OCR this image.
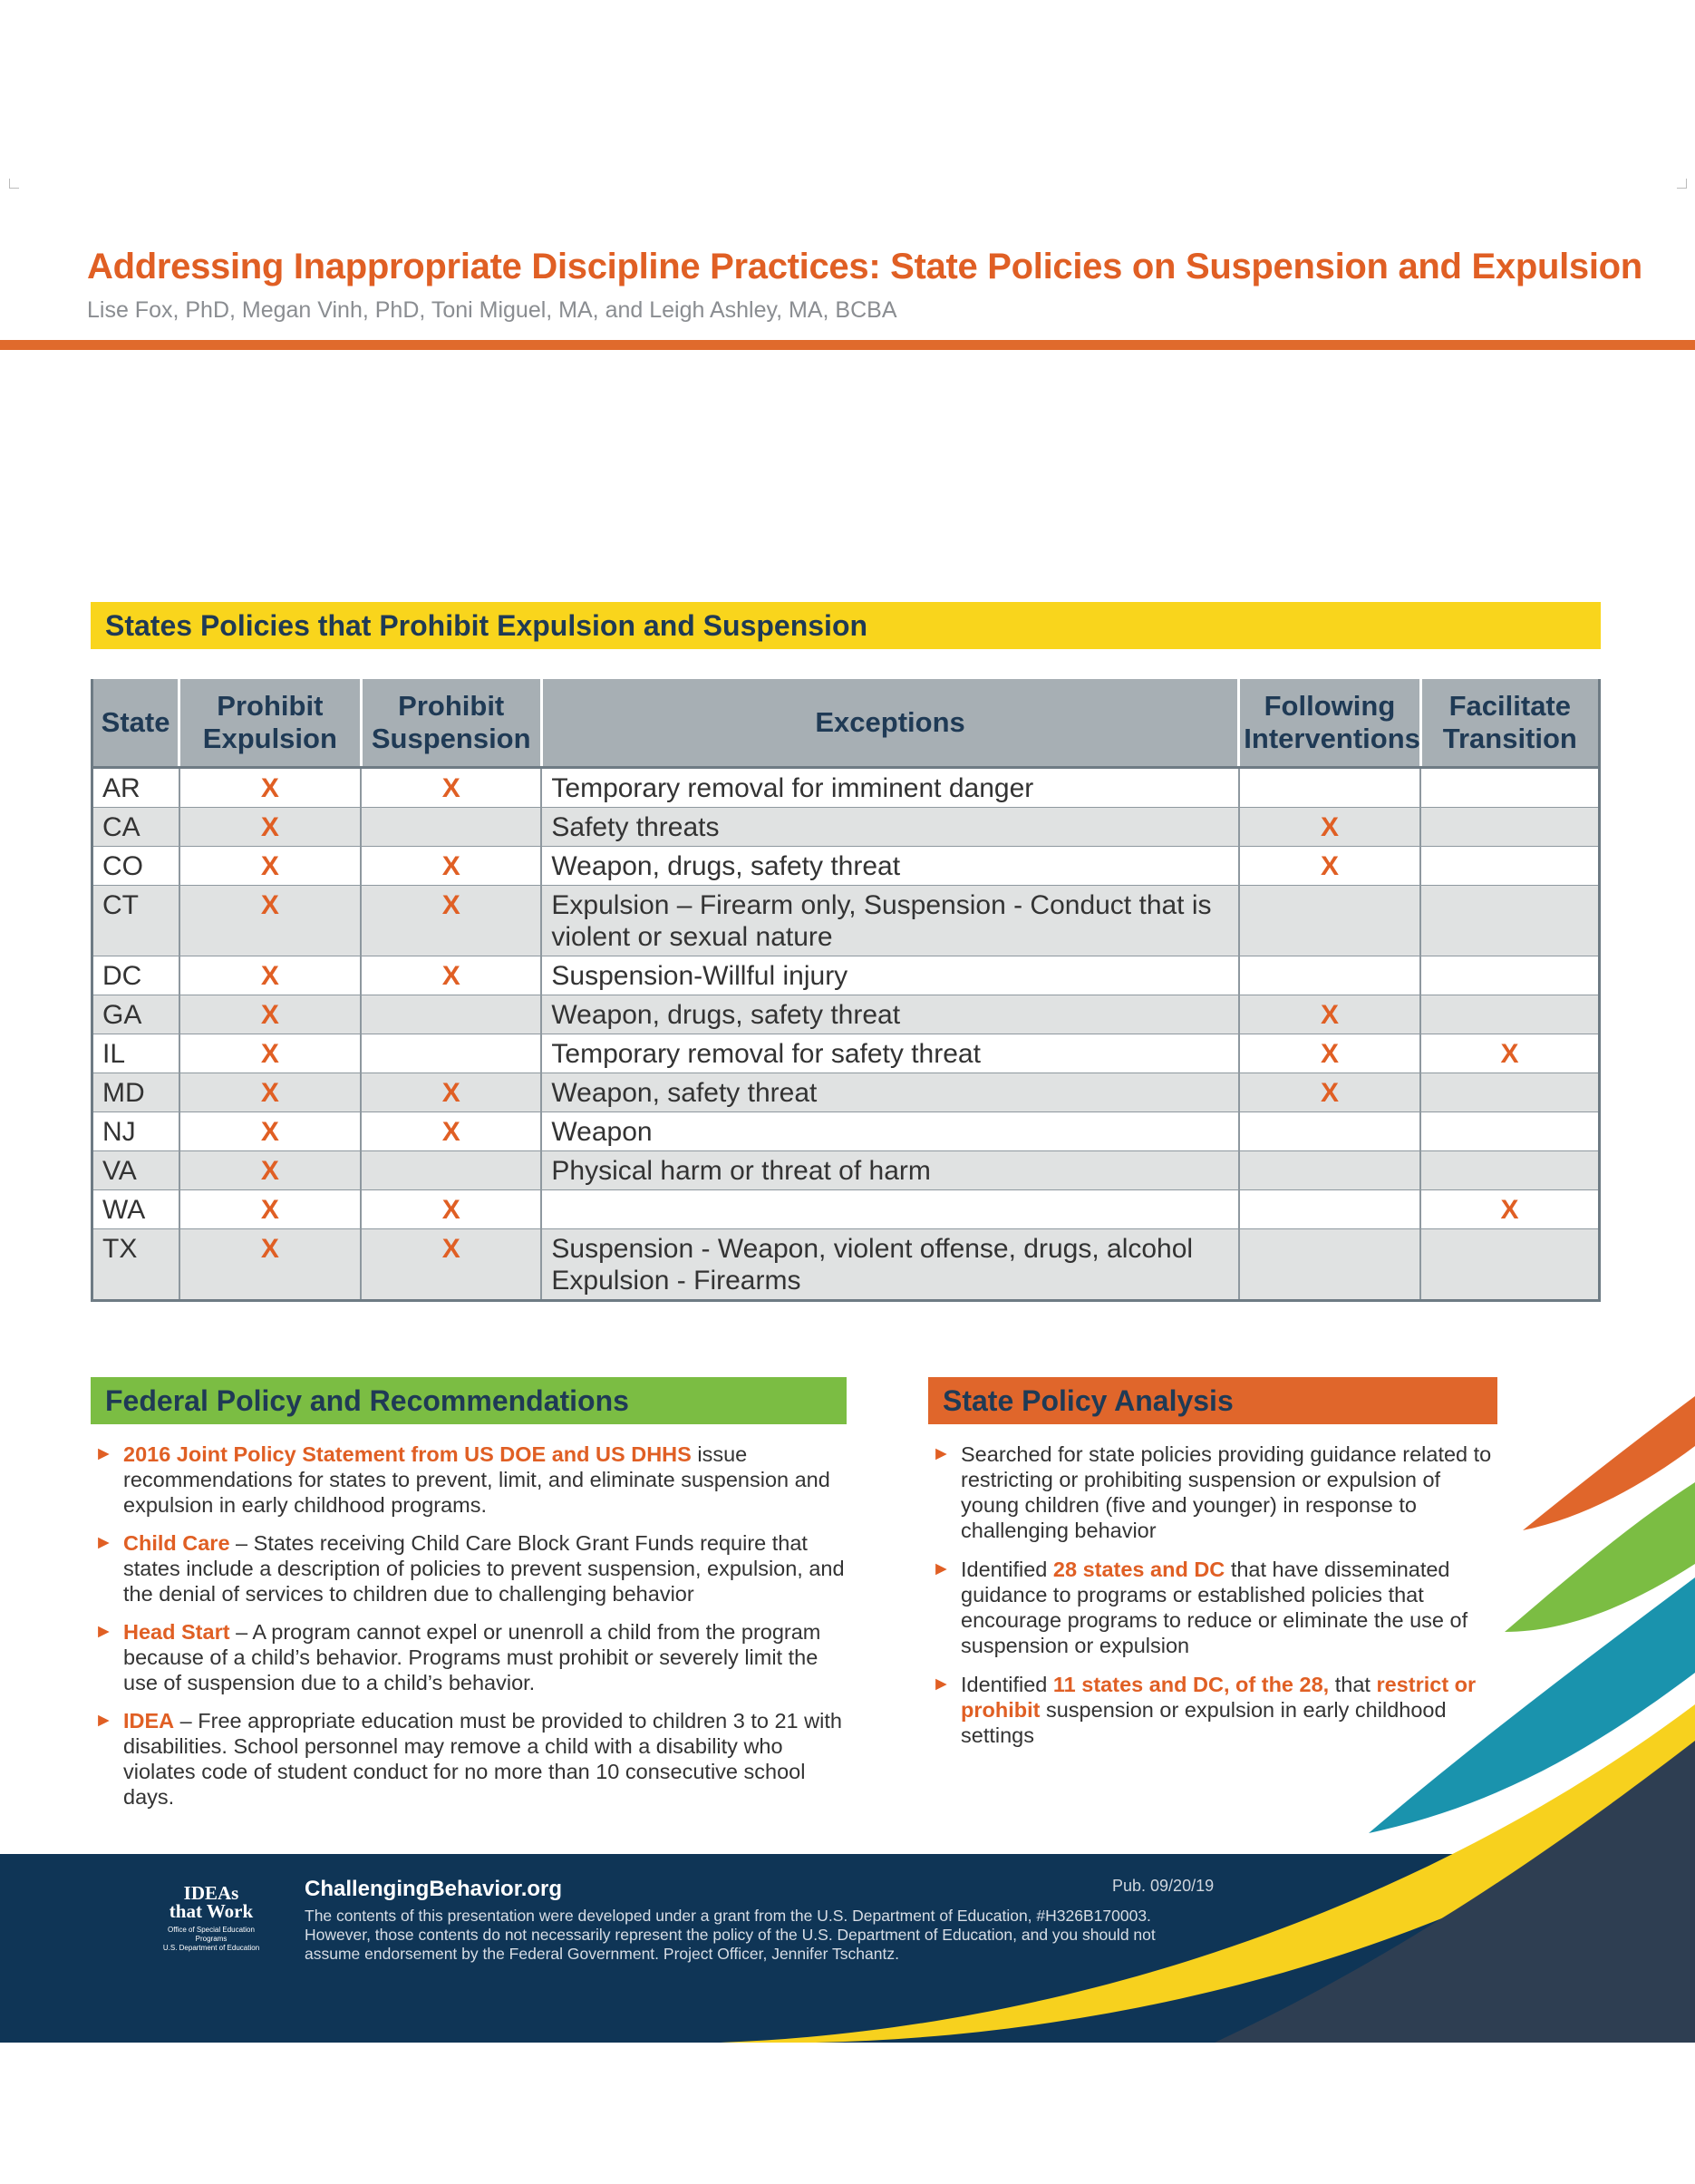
Addressing Inappropriate Discipline Practices: State Policies on Suspension and Expulsion
Lise Fox, PhD, Megan Vinh, PhD, Toni Miguel, MA, and Leigh Ashley, MA, BCBA
States Policies that Prohibit Expulsion and Suspension
State	Prohibit Expulsion	Prohibit Suspension	Exceptions	Following Interventions	Facilitate Transition
AR	X	X	Temporary removal for imminent danger		
CA	X		Safety threats	X	
CO	X	X	Weapon, drugs, safety threat	X	
CT	X	X	Expulsion – Firearm only, Suspension - Conduct that is violent or sexual nature		
DC	X	X	Suspension-Willful injury		
GA	X		Weapon, drugs, safety threat	X	
IL	X		Temporary removal for safety threat	X	X
MD	X	X	Weapon, safety threat	X	
NJ	X	X	Weapon		
VA	X		Physical harm or threat of harm		
WA	X	X			X
TX	X	X	Suspension - Weapon, violent offense, drugs, alcohol Expulsion - Firearms		
Federal Policy and Recommendations
► 2016 Joint Policy Statement from US DOE and US DHHS issue recommendations for states to prevent, limit, and eliminate suspension and expulsion in early childhood programs.
► Child Care – States receiving Child Care Block Grant Funds require that states include a description of policies to prevent suspension, expulsion, and the denial of services to children due to challenging behavior
► Head Start – A program cannot expel or unenroll a child from the program because of a child’s behavior. Programs must prohibit or severely limit the use of suspension due to a child’s behavior.
► IDEA – Free appropriate education must be provided to children 3 to 21 with disabilities. School personnel may remove a child with a disability who violates code of student conduct for no more than 10 consecutive school days.
State Policy Analysis
► Searched for state policies providing guidance related to restricting or prohibiting suspension or expulsion of young children (five and younger) in response to challenging behavior
► Identified 28 states and DC that have disseminated guidance to programs or established policies that encourage programs to reduce or eliminate the use of suspension or expulsion
► Identified 11 states and DC, of the 28, that restrict or prohibit suspension or expulsion in early childhood settings
IDEAs
that Work
Office of Special Education Programs
U.S. Department of Education
ChallengingBehavior.org	Pub. 09/20/19

The contents of this presentation were developed under a grant from the U.S. Department of Education, #H326B170003. However, those contents do not necessarily represent the policy of the U.S. Department of Education, and you should not assume endorsement by the Federal Government. Project Officer, Jennifer Tschantz.
